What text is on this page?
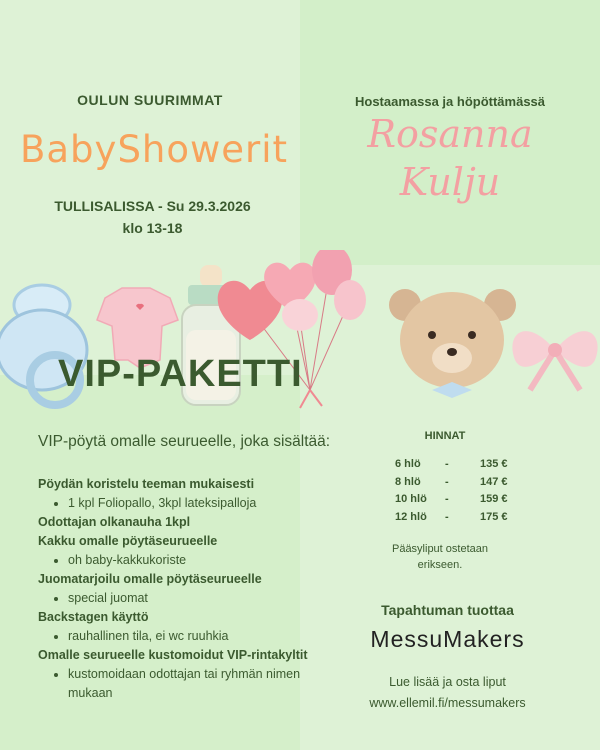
OULUN SUURIMMAT
BabyShowerit
TULLISALISSA - Su 29.3.2026
klo 13-18
Hostaamassa ja höpöttämässä
Rosanna
Kulju
VIP-PAKETTI
VIP-pöytä omalle seurueelle, joka sisältää:
Pöydän koristelu teeman mukaisesti
• 1 kpl Foliopallo, 3kpl lateksipalloja
Odottajan olkanauha 1kpl
Kakku omalle pöytäseurueelle
• oh baby-kakkukoriste
Juomatarjoilu omalle pöytäseurueelle
• special juomat
Backstagen käyttö
• rauhallinen tila, ei wc ruuhkia
Omalle seurueelle kustomoidut VIP-rintakyltit
• kustomoidaan odottajan tai ryhmän nimen mukaan
HINNAT
6 hlö	-	135 €
8 hlö	-	147 €
10 hlö	-	159 €
12 hlö	-	175 €
Pääsyliput ostetaan
erikseen.
Tapahtuman tuottaa
MessuMakers
Lue lisää ja osta liput
www.ellemil.fi/messumakers
